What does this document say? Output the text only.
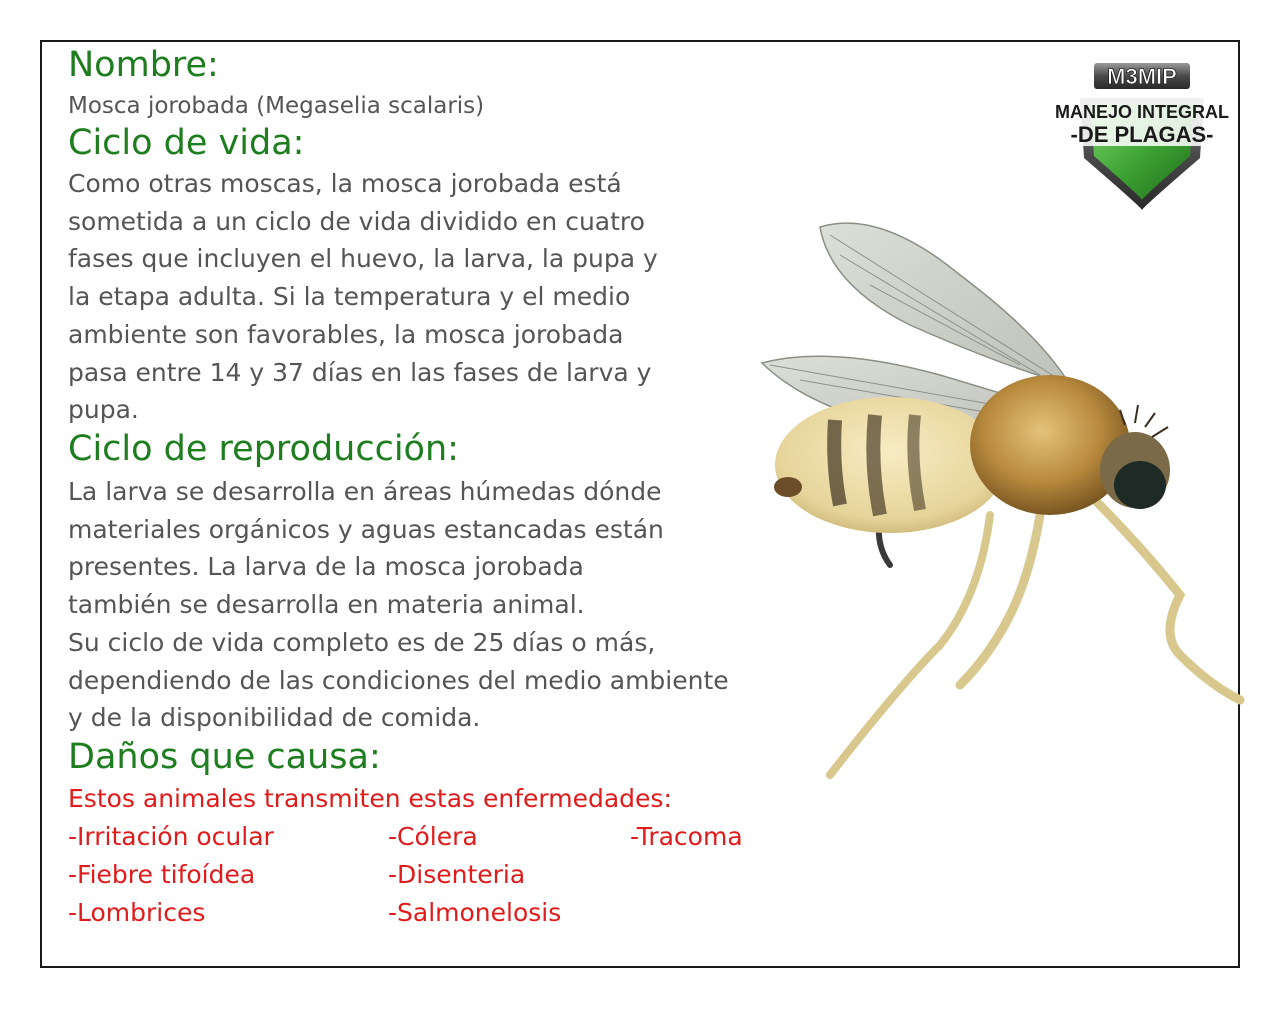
Nombre:

Mosca jorobada (Megaselia scalaris)

Ciclo de vida:
Como otras moscas, la mosca jorobada está
sometida a un ciclo de vida dividido en cuatro
fases que incluyen el huevo, la larva, la pupa y
la etapa adulta. Si la temperatura y el medio
ambiente son favorables, la mosca jorobada
pasa entre 14 y 37 días en las fases de larva y
pupa.
Ciclo de reproducción:
La larva se desarrolla en áreas húmedas dónde
materiales orgánicos y aguas estancadas están
presentes. La larva de la mosca jorobada
también se desarrolla en materia animal.
Su ciclo de vida completo es de 25 días o más,
dependiendo de las condiciones del medio ambiente
y de la disponibilidad de comida.
Daños que causa:

Estos animales transmiten estas enfermedades:

-Irritación ocular
-Fiebre tifoídea
-Lombrices
-Cólera
-Disenteria
-Salmonelosis
-Tracoma
M3MIP
MANEJO INTEGRAL
-DE PLAGAS-
